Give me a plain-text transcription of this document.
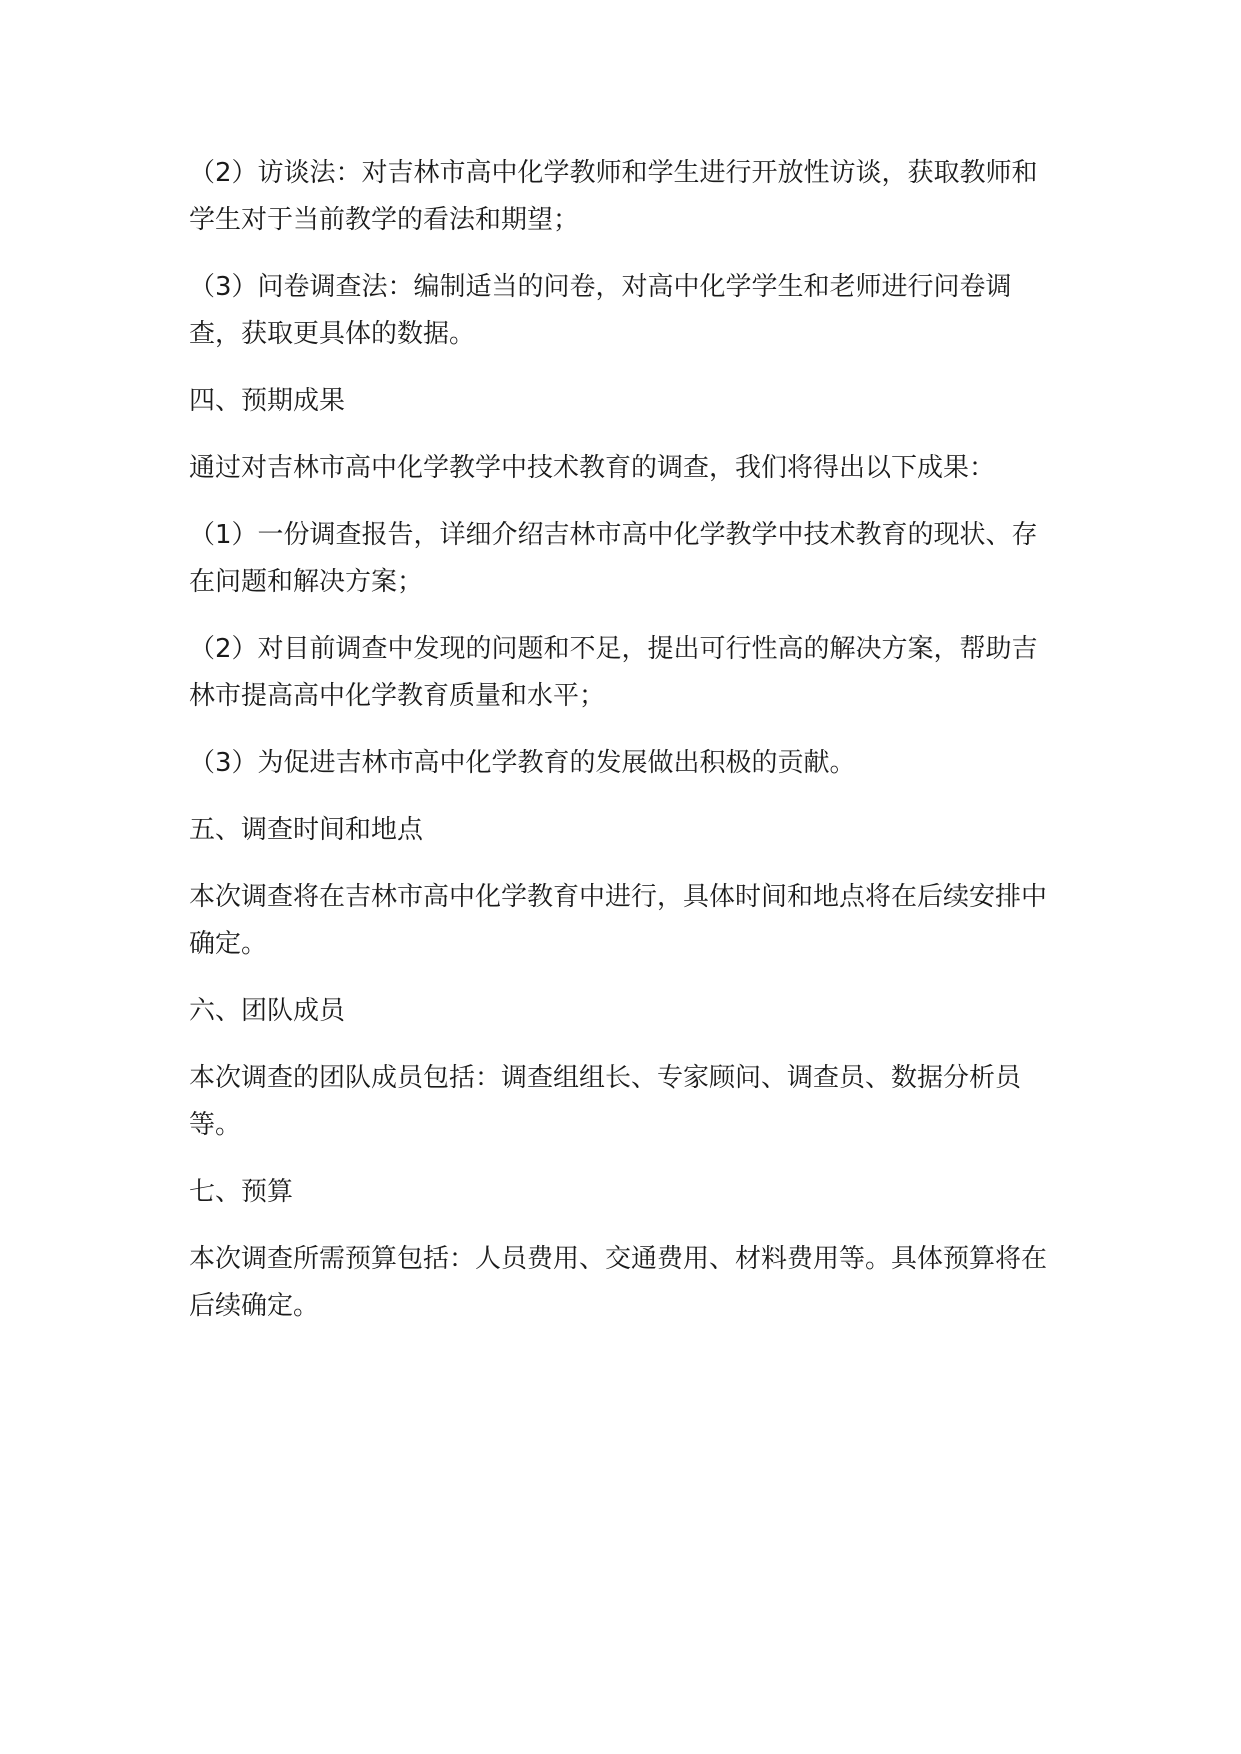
（2）访谈法：对吉林市高中化学教师和学生进行开放性访谈，获取教师和学生对于当前教学的看法和期望；

（3）问卷调查法：编制适当的问卷，对高中化学学生和老师进行问卷调查，获取更具体的数据。

四、预期成果

通过对吉林市高中化学教学中技术教育的调查，我们将得出以下成果：

（1）一份调查报告，详细介绍吉林市高中化学教学中技术教育的现状、存在问题和解决方案；

（2）对目前调查中发现的问题和不足，提出可行性高的解决方案，帮助吉林市提高高中化学教育质量和水平；

（3）为促进吉林市高中化学教育的发展做出积极的贡献。

五、调查时间和地点

本次调查将在吉林市高中化学教育中进行，具体时间和地点将在后续安排中确定。

六、团队成员

本次调查的团队成员包括：调查组组长、专家顾问、调查员、数据分析员等。

七、预算

本次调查所需预算包括：人员费用、交通费用、材料费用等。具体预算将在后续确定。
